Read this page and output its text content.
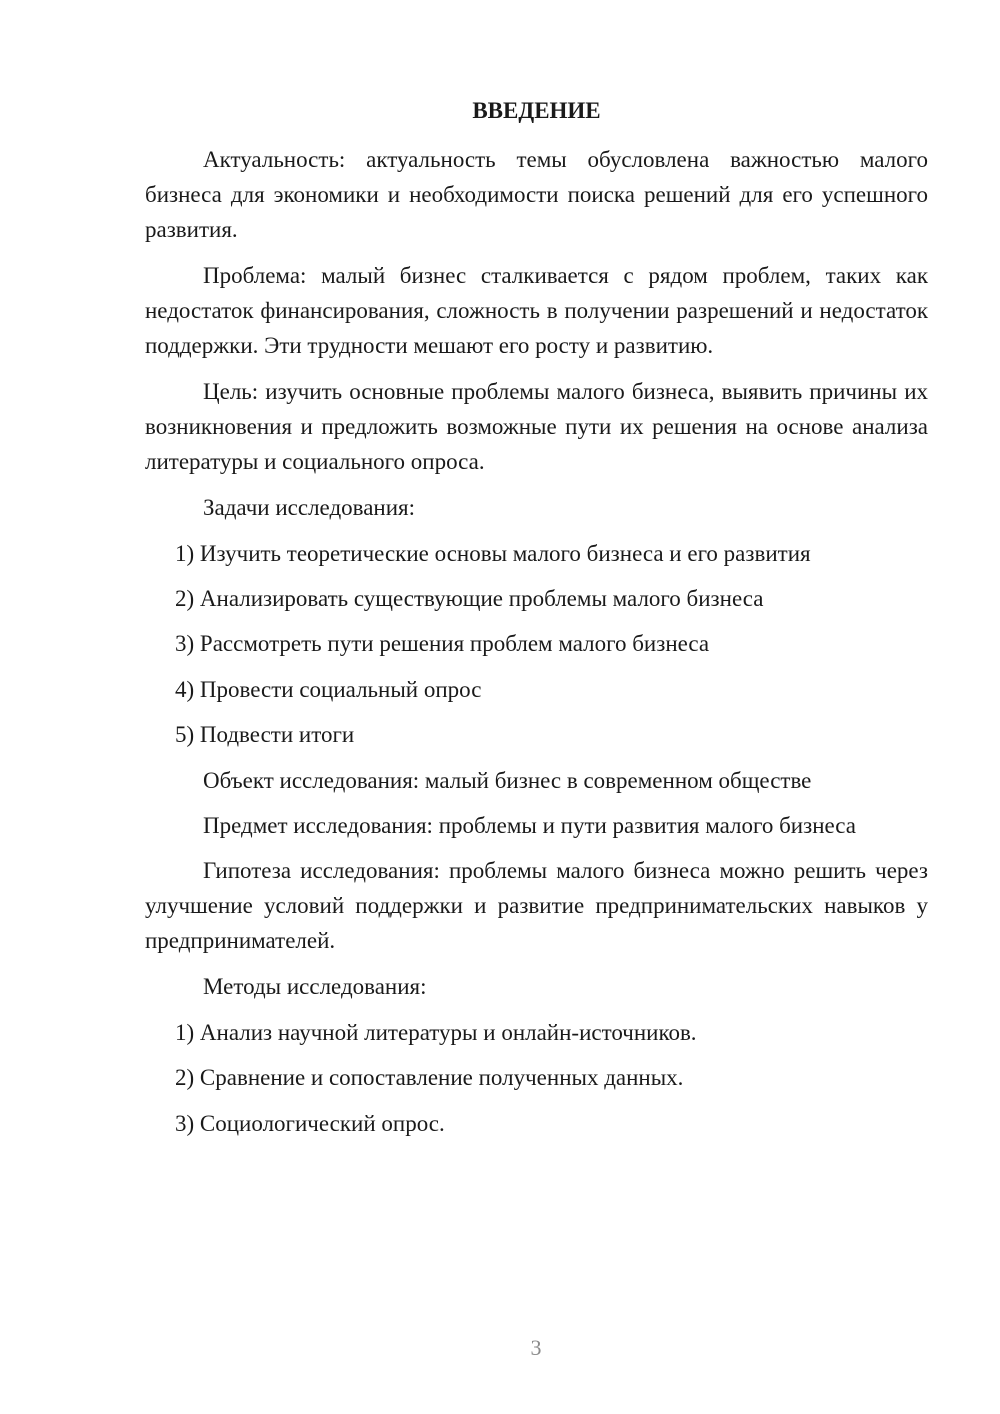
ВВЕДЕНИЕ

Актуальность: актуальность темы обусловлена важностью малого бизнеса для экономики и необходимости поиска решений для его успешного развития.

Проблема: малый бизнес сталкивается с рядом проблем, таких как недостаток финансирования, сложность в получении разрешений и недостаток поддержки. Эти трудности мешают его росту и развитию.

Цель: изучить основные проблемы малого бизнеса, выявить причины их возникновения и предложить возможные пути их решения на основе анализа литературы и социального опроса.

Задачи исследования:

1) Изучить теоретические основы малого бизнеса и его развития

2) Анализировать существующие проблемы малого бизнеса

3) Рассмотреть пути решения проблем малого бизнеса

4) Провести социальный опрос

5) Подвести итоги

Объект исследования: малый бизнес в современном обществе

Предмет исследования: проблемы и пути развития малого бизнеса

Гипотеза исследования: проблемы малого бизнеса можно решить через улучшение условий поддержки и развитие предпринимательских навыков у предпринимателей.

Методы исследования:

1) Анализ научной литературы и онлайн-источников.

2) Сравнение и сопоставление полученных данных.

3) Социологический опрос.

3
